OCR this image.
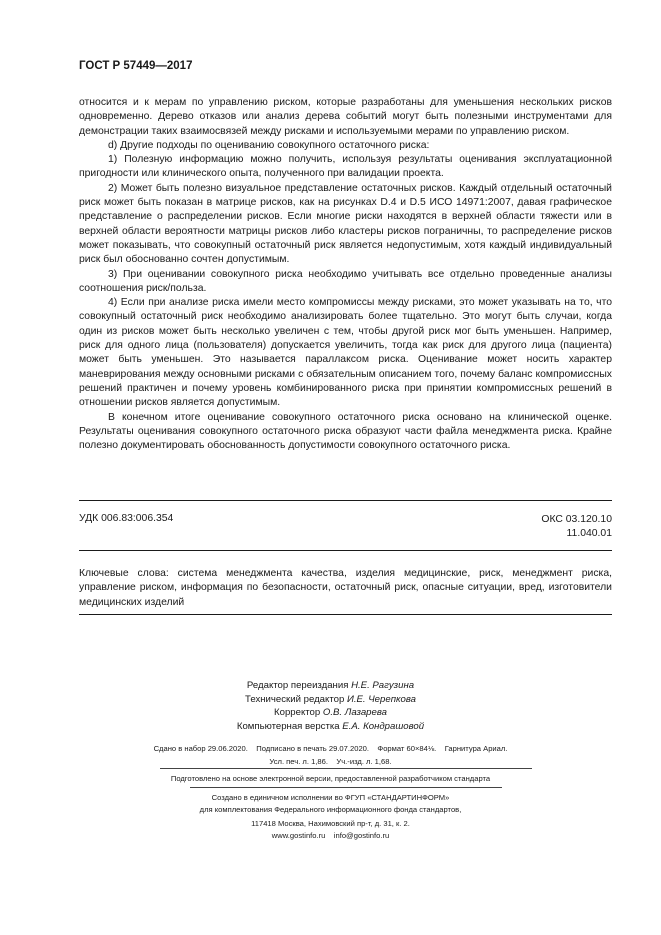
ГОСТ Р 57449—2017

относится и к мерам по управлению риском, которые разработаны для уменьшения нескольких рисков одновременно. Дерево отказов или анализ дерева событий могут быть полезными инструментами для демонстрации таких взаимосвязей между рисками и используемыми мерами по управлению риском.

d) Другие подходы по оцениванию совокупного остаточного риска:

1) Полезную информацию можно получить, используя результаты оценивания эксплуатационной пригодности или клинического опыта, полученного при валидации проекта.

2) Может быть полезно визуальное представление остаточных рисков. Каждый отдельный остаточный риск может быть показан в матрице рисков, как на рисунках D.4 и D.5 ИСО 14971:2007, давая графическое представление о распределении рисков. Если многие риски находятся в верхней области тяжести или в верхней области вероятности матрицы рисков либо кластеры рисков пограничны, то распределение рисков может показывать, что совокупный остаточный риск является недопустимым, хотя каждый индивидуальный риск был обоснованно сочтен допустимым.

3) При оценивании совокупного риска необходимо учитывать все отдельно проведенные анализы соотношения риск/польза.

4) Если при анализе риска имели место компромиссы между рисками, это может указывать на то, что совокупный остаточный риск необходимо анализировать более тщательно. Это могут быть случаи, когда один из рисков может быть несколько увеличен с тем, чтобы другой риск мог быть уменьшен. Например, риск для одного лица (пользователя) допускается увеличить, тогда как риск для другого лица (пациента) может быть уменьшен. Это называется параллаксом риска. Оценивание может носить характер маневрирования между основными рисками с обязательным описанием того, почему баланс компромиссных решений практичен и почему уровень комбинированного риска при принятии компромиссных решений в отношении рисков является допустимым.

В конечном итоге оценивание совокупного остаточного риска основано на клинической оценке. Результаты оценивания совокупного остаточного риска образуют части файла менеджмента риска. Крайне полезно документировать обоснованность допустимости совокупного остаточного риска.

УДК 006.83:006.354	ОКС 03.120.10
11.040.01
Ключевые слова: система менеджмента качества, изделия медицинские, риск, менеджмент риска, управление риском, информация по безопасности, остаточный риск, опасные ситуации, вред, изготовители медицинских изделий
Редактор переиздания Н.Е. Рагузина
Технический редактор И.Е. Черепкова
Корректор О.В. Лазарева
Компьютерная верстка Е.А. Кондрашовой
Сдано в набор 29.06.2020.    Подписано в печать 29.07.2020.    Формат 60×84⅛.    Гарнитура Ариал.
Усл. печ. л. 1,86.    Уч.-изд. л. 1,68.
Подготовлено на основе электронной версии, предоставленной разработчиком стандарта
Создано в единичном исполнении во ФГУП «СТАНДАРТИНФОРМ»
для комплектования Федерального информационного фонда стандартов,
117418 Москва, Нахимовский пр-т, д. 31, к. 2.
www.gostinfo.ru    info@gostinfo.ru
